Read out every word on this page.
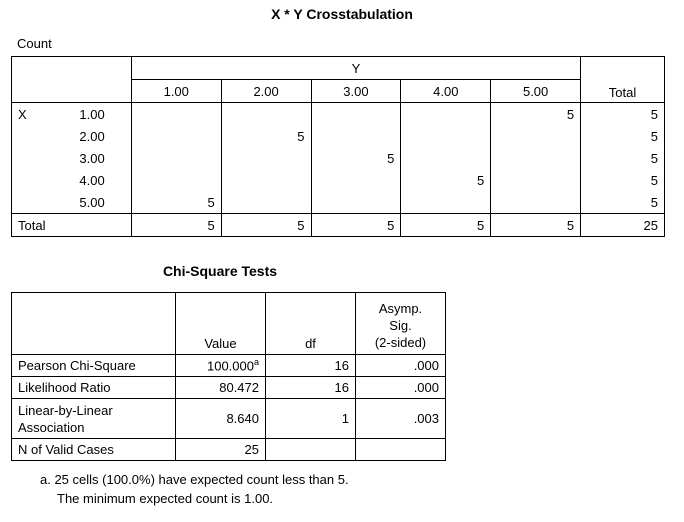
X * Y Crosstabulation
Count
		Y					Total
		1.00	2.00	3.00	4.00	5.00	
X	1.00					5	5
	2.00		5				5
	3.00			5			5
	4.00				5		5
	5.00	5					5
Total		5	5	5	5	5	25
Chi-Square Tests
	Value	df	Asymp.
Sig.
(2-sided)

Pearson Chi-Square	100.000$^a$	16	.000
Likelihood Ratio	80.472	16	.000

Linear-by-Linear
Association	8.640	1	.003
N of Valid Cases	25		
a. 25 cells (100.0%) have expected count less than 5.
The minimum expected count is 1.00.
